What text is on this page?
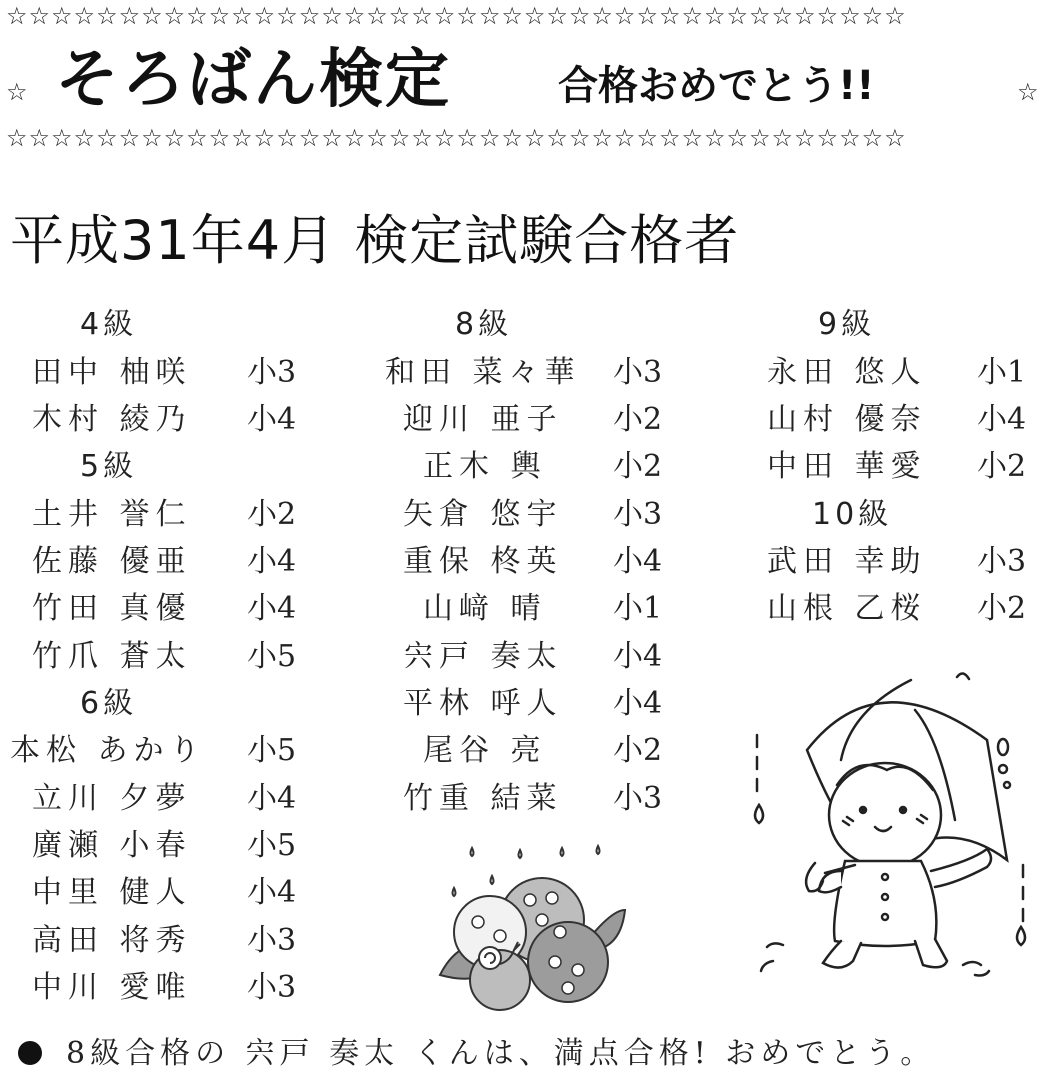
☆☆☆☆☆☆☆☆☆☆☆☆☆☆☆☆☆☆☆☆☆☆☆☆☆☆☆☆☆☆☆☆☆☆☆☆☆☆☆☆
☆ そろばん検定	合格おめでとう!!	☆
☆☆☆☆☆☆☆☆☆☆☆☆☆☆☆☆☆☆☆☆☆☆☆☆☆☆☆☆☆☆☆☆☆☆☆☆☆☆☆☆
平成31年4月 検定試験合格者
4級
田中 柚咲 小3
木村 綾乃 小4
5級
土井 誉仁 小2
佐藤 優亜 小4
竹田 真優 小4
竹爪 蒼太 小5
6級
本松 あかり 小5
立川 夕夢 小4
廣瀬 小春 小5
中里 健人 小4
高田 将秀 小3
中川 愛唯 小3
8級
和田 菜々華 小3
迎川 亜子 小2
正木 輿 小2
矢倉 悠宇 小3
重保 柊英 小4
山﨑 晴 小1
宍戸 奏太 小4
平林 呼人 小4
尾谷 亮 小2
竹重 結菜 小3
9級
永田 悠人 小1
山村 優奈 小4
中田 華愛 小2
10級
武田 幸助 小3
山根 乙桜 小2
8級合格の 宍戸 奏太 くんは、満点合格! おめでとう。
